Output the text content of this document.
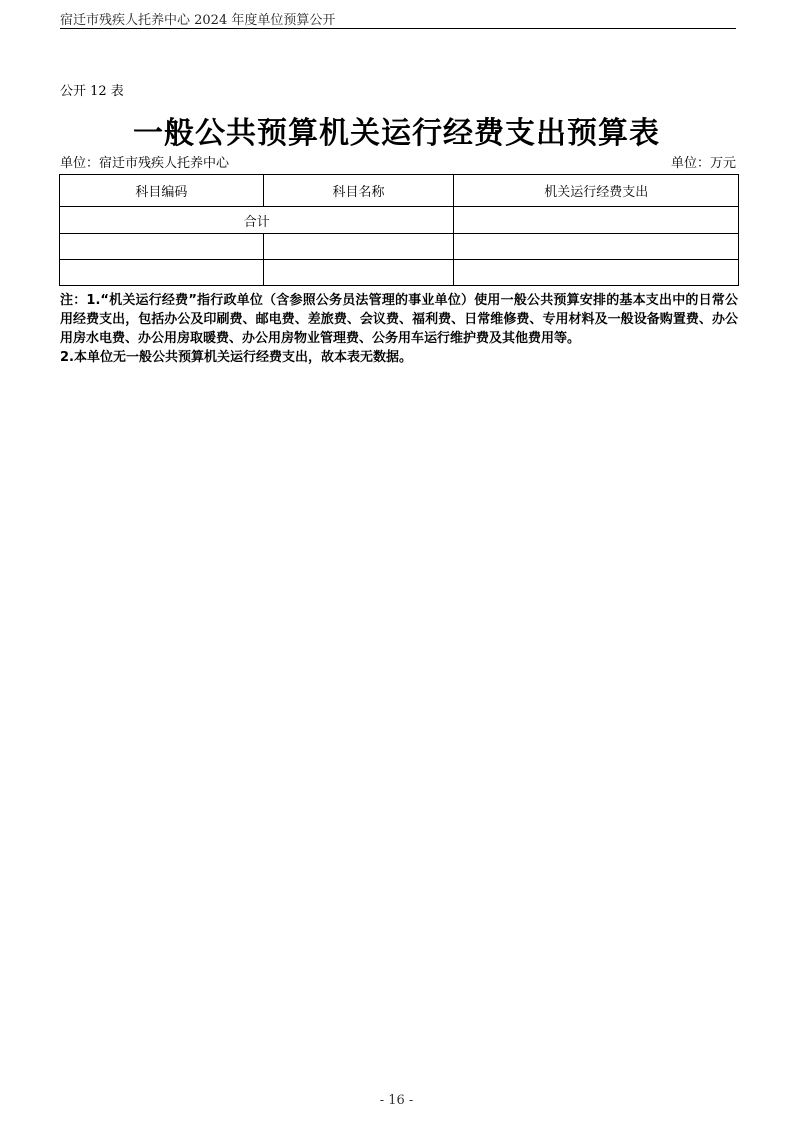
宿迁市残疾人托养中心 2024 年度单位预算公开
公开 12 表
一般公共预算机关运行经费支出预算表
单位：宿迁市残疾人托养中心	单位：万元
科目编码	科目名称	机关运行经费支出
合计		

注：1.“机关运行经费”指行政单位（含参照公务员法管理的事业单位）使用一般公共预算安排的基本支出中的日常公用经费支出，包括办公及印刷费、邮电费、差旅费、会议费、福利费、日常维修费、专用材料及一般设备购置费、办公用房水电费、办公用房取暖费、办公用房物业管理费、公务用车运行维护费及其他费用等。

2.本单位无一般公共预算机关运行经费支出，故本表无数据。

- 16 -
